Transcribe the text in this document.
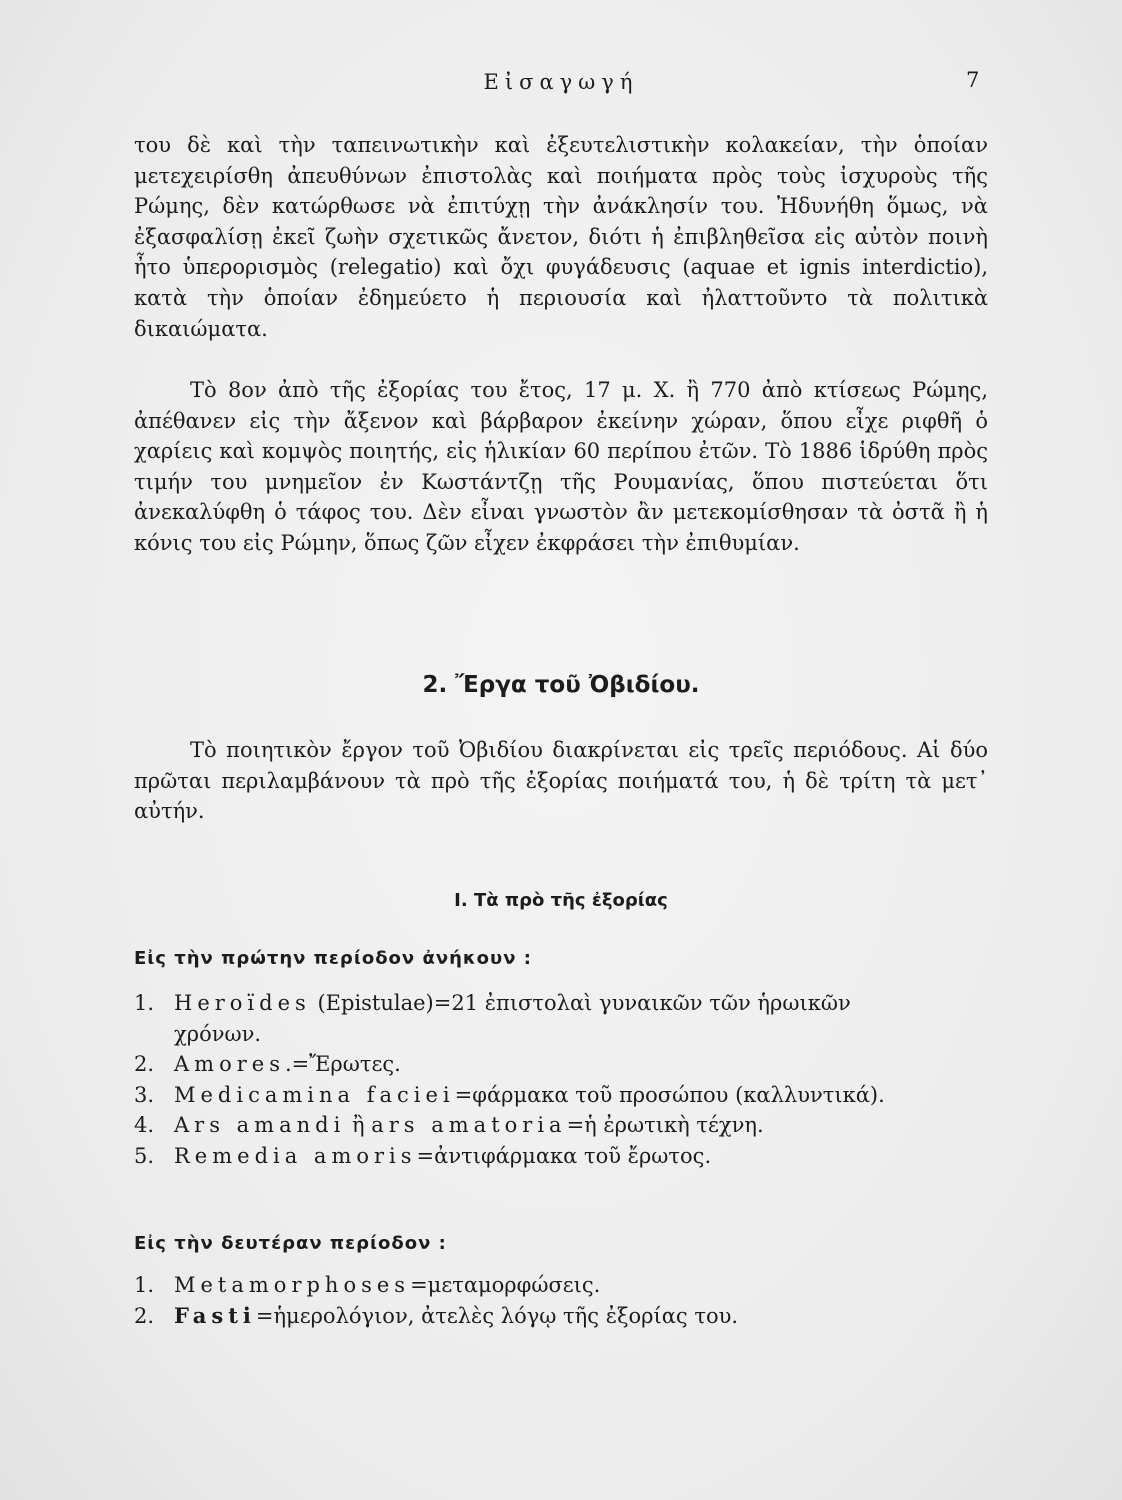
Εἰσαγωγή	7
του δὲ καὶ τὴν ταπεινωτικὴν καὶ ἐξευτελιστικὴν κολακείαν, τὴν ὁποίαν μετεχειρίσθη ἀπευθύνων ἐπιστολὰς καὶ ποιήματα πρὸς τοὺς ἰσχυροὺς τῆς Ρώμης, δὲν κατώρθωσε νὰ ἐπιτύχῃ τὴν ἀνάκλησίν του. Ἠδυνήθη ὅμως, νὰ ἐξασφαλίσῃ ἐκεῖ ζωὴν σχετικῶς ἄνετον, διότι ἡ ἐπιβληθεῖσα εἰς αὐτὸν ποινὴ ἦτο ὑπερορισμὸς (relegatio) καὶ ὄχι φυγάδευσις (aquae et ignis interdictio), κατὰ τὴν ὁποίαν ἐδημεύετο ἡ περιουσία καὶ ἠλαττοῦντο τὰ πολιτικὰ δικαιώματα.
Τὸ 8ον ἀπὸ τῆς ἐξορίας του ἔτος, 17 μ. Χ. ἢ 770 ἀπὸ κτίσεως Ρώμης, ἀπέθανεν εἰς τὴν ἄξενον καὶ βάρβαρον ἐκείνην χώραν, ὅπου εἶχε ριφθῆ ὁ χαρίεις καὶ κομψὸς ποιητής, εἰς ἡλικίαν 60 περίπου ἐτῶν. Τὸ 1886 ἱδρύθη πρὸς τιμήν του μνημεῖον ἐν Κωστάντζῃ τῆς Ρουμανίας, ὅπου πιστεύεται ὅτι ἀνεκαλύφθη ὁ τάφος του. Δὲν εἶναι γνωστὸν ἂν μετεκομίσθησαν τὰ ὀστᾶ ἢ ἡ κόνις του εἰς Ρώμην, ὅπως ζῶν εἶχεν ἐκφράσει τὴν ἐπιθυμίαν.
2. Ἔργα τοῦ Ὀβιδίου.
Τὸ ποιητικὸν ἔργον τοῦ Ὀβιδίου διακρίνεται εἰς τρεῖς περιόδους. Αἱ δύο πρῶται περιλαμβάνουν τὰ πρὸ τῆς ἐξορίας ποιήματά του, ἡ δὲ τρίτη τὰ μετ᾽ αὐτήν.
I. Τὰ πρὸ τῆς ἐξορίας
Εἰς τὴν πρώτην περίοδον ἀνήκουν :
1. Heroïdes (Epistulae)=21 ἐπιστολαὶ γυναικῶν τῶν ἡρωικῶν
χρόνων.
2. Amores .=Ἔρωτες.
3. Medicamina faciei =φάρμακα τοῦ προσώπου (καλλυντικά).
4. Ars amandi ἢ ars amatoria =ἡ ἐρωτικὴ τέχνη.
5. Remedia amoris =ἀντιφάρμακα τοῦ ἔρωτος.
Εἰς τὴν δευτέραν περίοδον :
1. Metamorphoses =μεταμορφώσεις.
2. Fasti =ἡμερολόγιον, ἀτελὲς λόγῳ τῆς ἐξορίας του.
